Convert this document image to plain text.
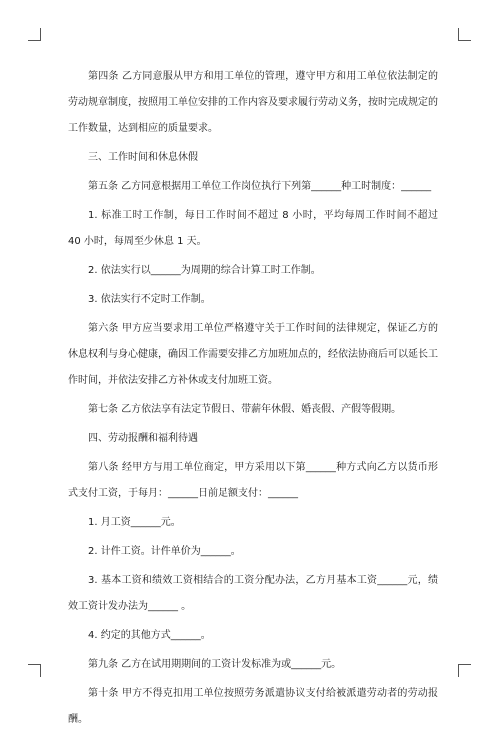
第四条 乙方同意服从甲方和用工单位的管理，遵守甲方和用工单位依法制定的劳动规章制度，按照用工单位安排的工作内容及要求履行劳动义务，按时完成规定的工作数量，达到相应的质量要求。

三、工作时间和休息休假

第五条 乙方同意根据用工单位工作岗位执行下列第______种工时制度：______

1. 标准工时工作制，每日工作时间不超过 8 小时，平均每周工作时间不超过 40 小时，每周至少休息 1 天。

2. 依法实行以______为周期的综合计算工时工作制。

3. 依法实行不定时工作制。

第六条 甲方应当要求用工单位严格遵守关于工作时间的法律规定，保证乙方的休息权利与身心健康，确因工作需要安排乙方加班加点的，经依法协商后可以延长工作时间，并依法安排乙方补休或支付加班工资。

第七条 乙方依法享有法定节假日、带薪年休假、婚丧假、产假等假期。

四、劳动报酬和福利待遇

第八条 经甲方与用工单位商定，甲方采用以下第______种方式向乙方以货币形式支付工资，于每月：______日前足额支付：______

1. 月工资______元。

2. 计件工资。计件单价为______。

3. 基本工资和绩效工资相结合的工资分配办法，乙方月基本工资______元，绩效工资计发办法为______ 。

4. 约定的其他方式______。

第九条 乙方在试用期期间的工资计发标准为或______元。

第十条 甲方不得克扣用工单位按照劳务派遣协议支付给被派遣劳动者的劳动报酬。
